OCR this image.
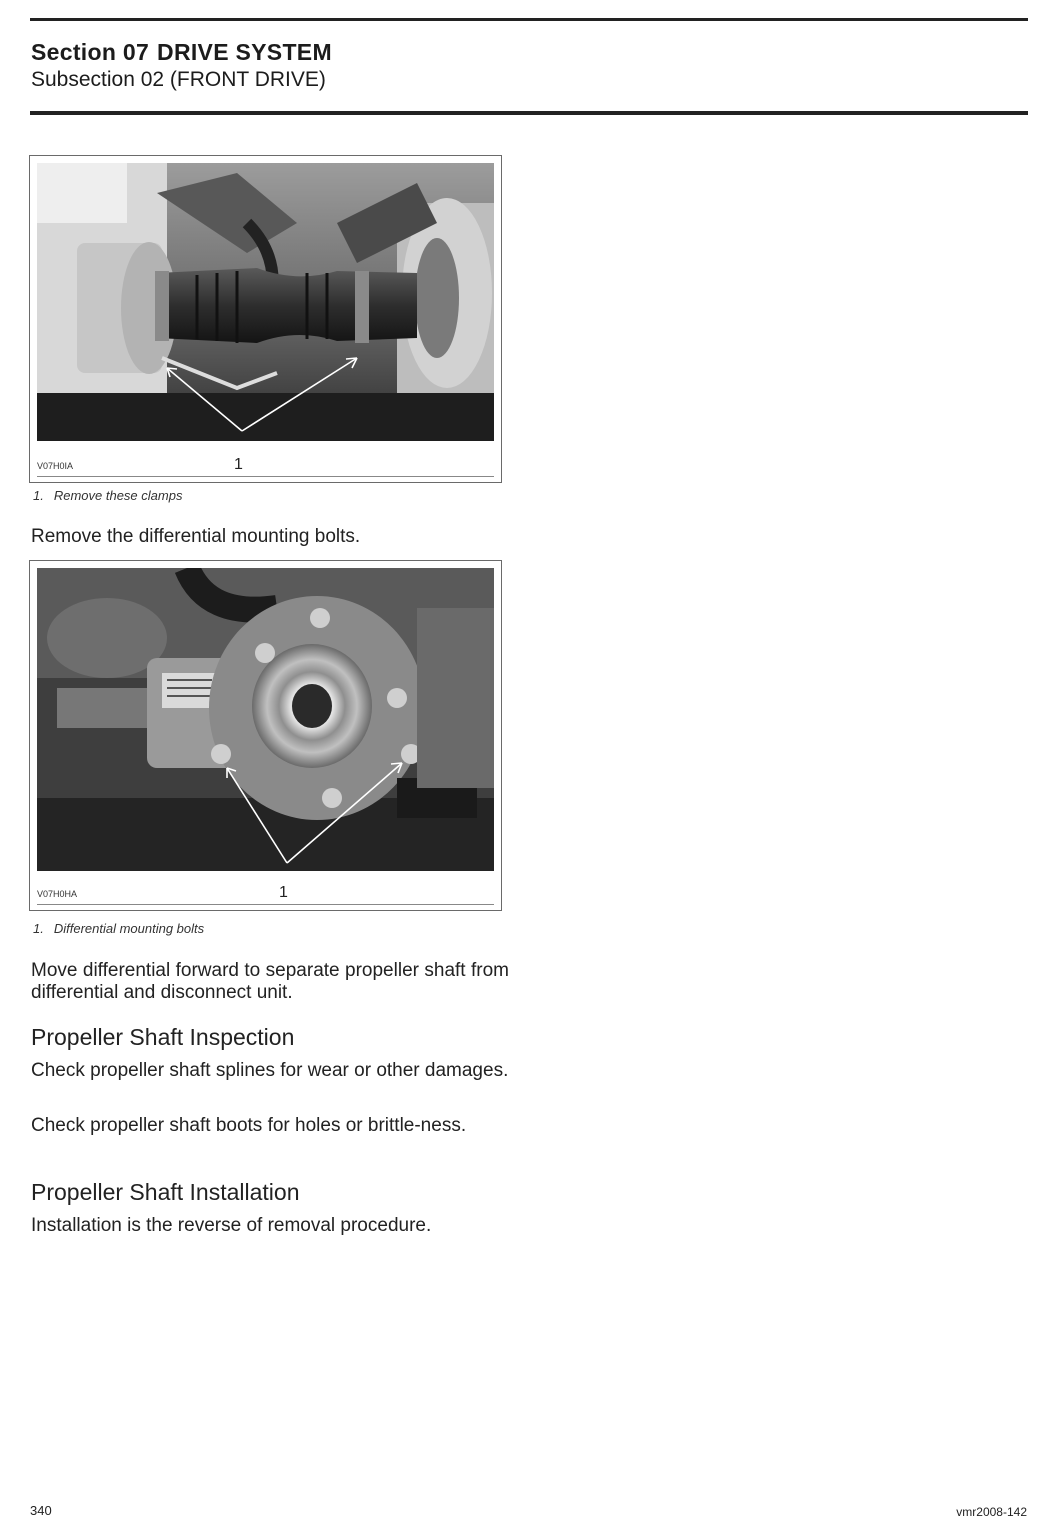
Section 07 DRIVE SYSTEM
Subsection 02 (FRONT DRIVE)
V07H0IA	1
1. Remove these clamps
Remove the differential mounting bolts.
V07H0HA	1
1. Differential mounting bolts
Move differential forward to separate propeller shaft from differential and disconnect unit.
Propeller Shaft Inspection
Check propeller shaft splines for wear or other damages.
Check propeller shaft boots for holes or brittle-ness.
Propeller Shaft Installation
Installation is the reverse of removal procedure.
340	vmr2008-142
